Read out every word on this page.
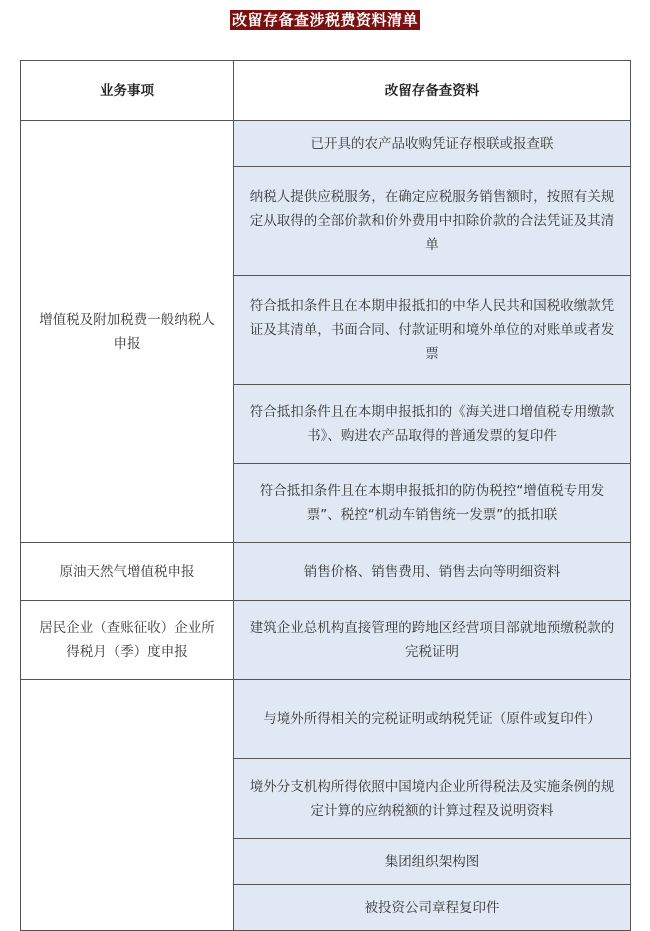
改留存备查涉税费资料清单
业务事项	改留存备查资料
增值税及附加税费一般纳税人申报	已开具的农产品收购凭证存根联或报查联
	纳税人提供应税服务，在确定应税服务销售额时，按照有关规定从取得的全部价款和价外费用中扣除价款的合法凭证及其清单
	符合抵扣条件且在本期申报抵扣的中华人民共和国税收缴款凭证及其清单，书面合同、付款证明和境外单位的对账单或者发票
	符合抵扣条件且在本期申报抵扣的《海关进口增值税专用缴款书》、购进农产品取得的普通发票的复印件
	符合抵扣条件且在本期申报抵扣的防伪税控“增值税专用发票”、税控“机动车销售统一发票”的抵扣联
原油天然气增值税申报	销售价格、销售费用、销售去向等明细资料
居民企业（查账征收）企业所得税月（季）度申报	建筑企业总机构直接管理的跨地区经营项目部就地预缴税款的完税证明
	与境外所得相关的完税证明或纳税凭证（原件或复印件）
	境外分支机构所得依照中国境内企业所得税法及实施条例的规定计算的应纳税额的计算过程及说明资料
	集团组织架构图
	被投资公司章程复印件
